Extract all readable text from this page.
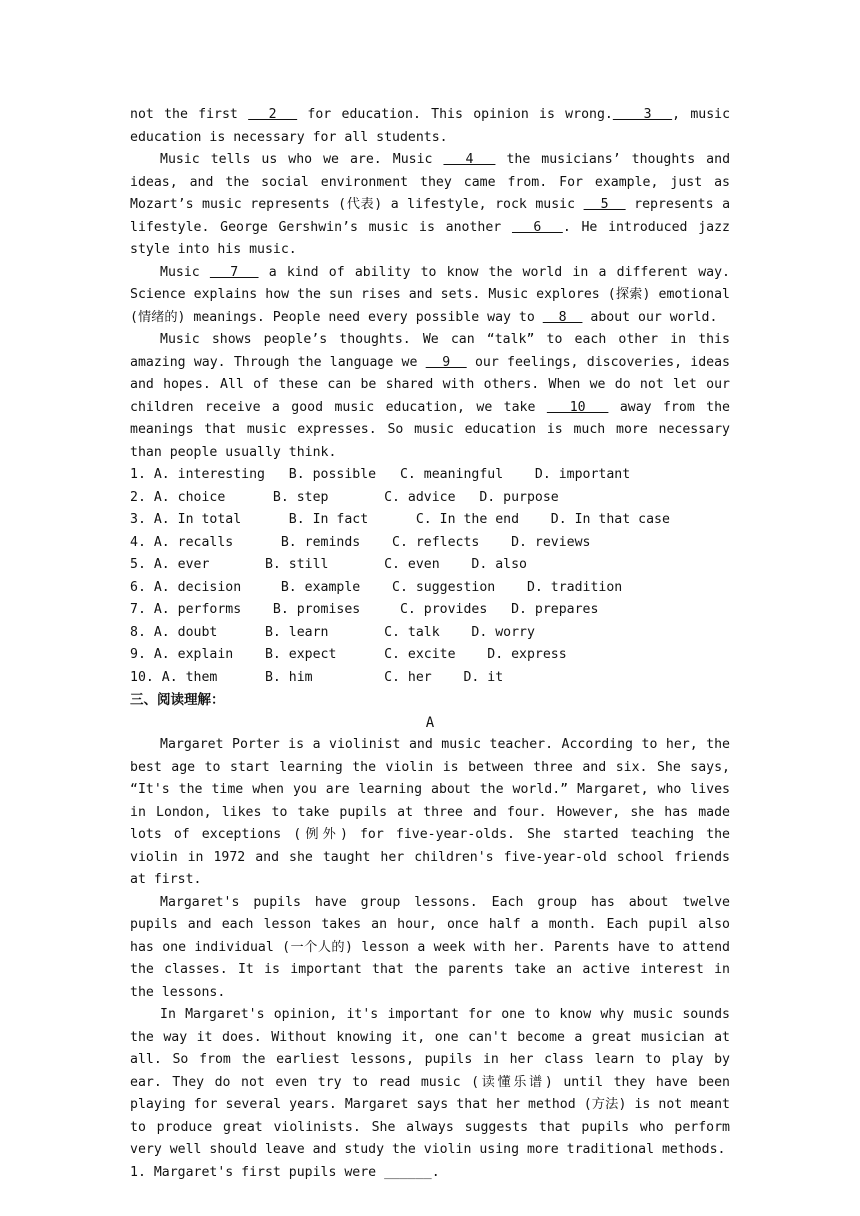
not the first   2   for education. This opinion is wrong.   3  , music education is necessary for all students.

Music tells us who we are. Music   4   the musicians’ thoughts and ideas, and the social environment they came from. For example, just as Mozart’s music represents (代表) a lifestyle, rock music   5   represents a lifestyle. George Gershwin’s music is another   6  . He introduced jazz style into his music.

Music   7   a kind of ability to know the world in a different way. Science explains how the sun rises and sets. Music explores (探索) emotional (情绪的) meanings. People need every possible way to   8   about our world.

Music shows people’s thoughts. We can “talk” to each other in this amazing way. Through the language we   9   our feelings, discoveries, ideas and hopes. All of these can be shared with others. When we do not let our children receive a good music education, we take   10   away from the meanings that music expresses. So music education is much more necessary than people usually think.

1. A. interesting   B. possible   C. meaningful    D. important

2. A. choice      B. step       C. advice   D. purpose

3. A. In total      B. In fact      C. In the end    D. In that case

4. A. recalls      B. reminds    C. reflects    D. reviews

5. A. ever       B. still       C. even    D. also

6. A. decision     B. example    C. suggestion    D. tradition

7. A. performs    B. promises     C. provides   D. prepares

8. A. doubt      B. learn       C. talk    D. worry

9. A. explain    B. expect      C. excite    D. express

10. A. them      B. him         C. her    D. it

三、阅读理解：

A

Margaret Porter is a violinist and music teacher. According to her, the best age to start learning the violin is between three and six. She says, “It's the time when you are learning about the world.” Margaret, who lives in London, likes to take pupils at three and four. However, she has made lots of exceptions (例外) for five-year-olds. She started teaching the violin in 1972 and she taught her children's five-year-old school friends at first.

Margaret's pupils have group lessons. Each group has about twelve pupils and each lesson takes an hour, once half a month. Each pupil also has one individual (一个人的) lesson a week with her. Parents have to attend the classes. It is important that the parents take an active interest in the lessons.

In Margaret's opinion, it's important for one to know why music sounds the way it does. Without knowing it, one can't become a great musician at all. So from the earliest lessons, pupils in her class learn to play by ear. They do not even try to read music (读懂乐谱) until they have been playing for several years. Margaret says that her method (方法) is not meant to produce great violinists. She always suggests that pupils who perform very well should leave and study the violin using more traditional methods.

1. Margaret's first pupils were ______.
